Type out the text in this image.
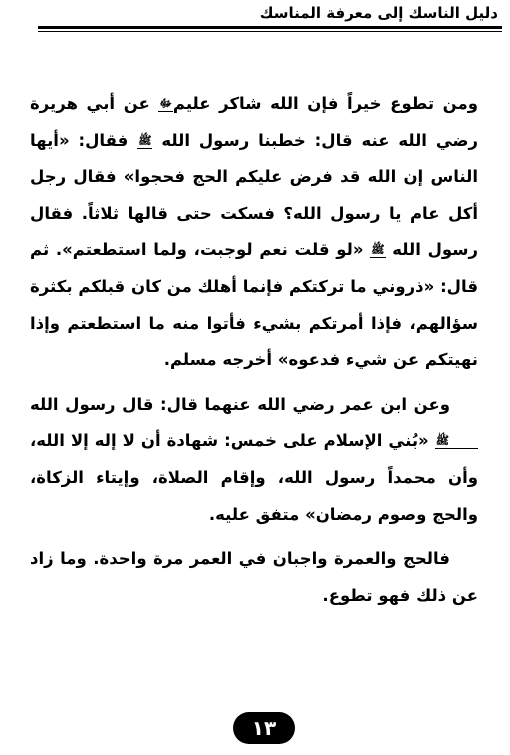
دليل الناسك إلى معرفة المناسك

ومن تطوع خيراً فإن الله شاكر عليمﷻ عن أبي هريرة رضي الله عنه قال: خطبنا رسول الله ﷺ فقال: «أيها الناس إن الله قد فرض عليكم الحج فحجوا» فقال رجل أكل عام يا رسول الله؟ فسكت حتى قالها ثلاثاً. فقال رسول الله ﷺ «لو قلت نعم لوجبت، ولما استطعتم». ثم قال: «ذروني ما تركتكم فإنما أهلك من كان قبلكم بكثرة سؤالهم، فإذا أمرتكم بشيء فأتوا منه ما استطعتم وإذا نهيتكم عن شيء فدعوه» أخرجه مسلم.

وعن ابن عمر رضي الله عنهما قال: قال رسول الله ﷺ «بُني الإسلام على خمس: شهادة أن لا إله إلا الله، وأن محمداً رسول الله، وإقام الصلاة، وإيتاء الزكاة، والحج وصوم رمضان» متفق عليه.

فالحج والعمرة واجبان في العمر مرة واحدة. وما زاد عن ذلك فهو تطوع.

١٣
